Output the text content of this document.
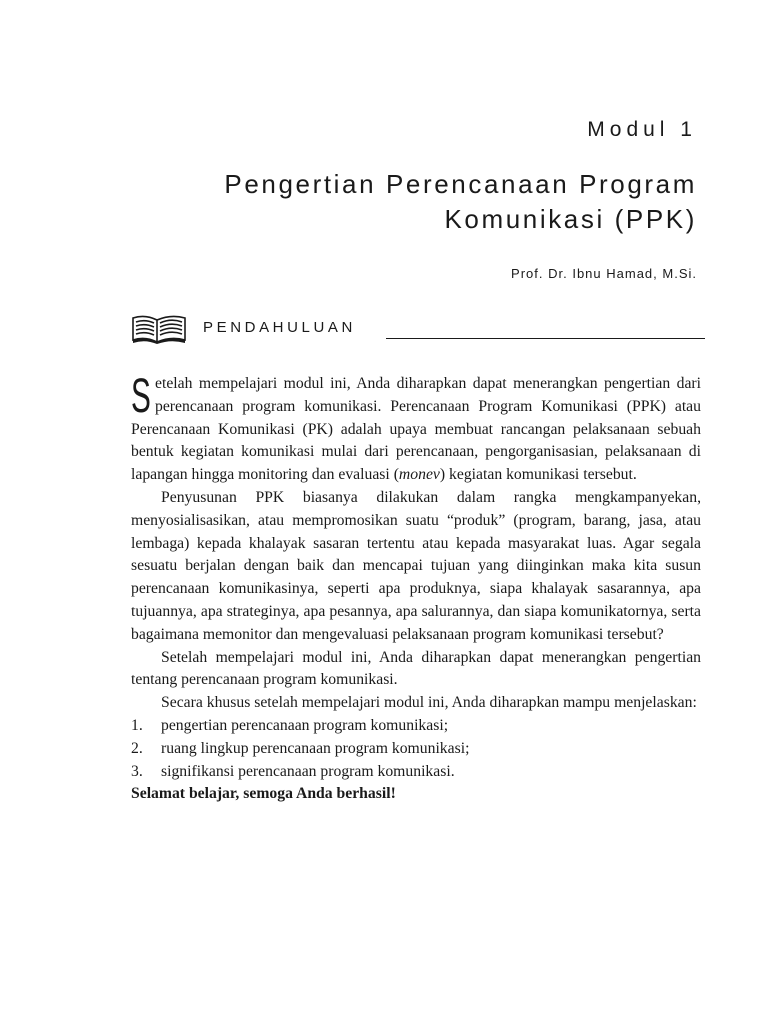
Modul 1
Pengertian Perencanaan Program
Komunikasi (PPK)

Prof. Dr. Ibnu Hamad, M.Si.

PENDAHULUAN

Setelah mempelajari modul ini, Anda diharapkan dapat menerangkan pengertian dari perencanaan program komunikasi. Perencanaan Program Komunikasi (PPK) atau Perencanaan Komunikasi (PK) adalah upaya membuat rancangan pelaksanaan sebuah bentuk kegiatan komunikasi mulai dari perencanaan, pengorganisasian, pelaksanaan di lapangan hingga monitoring dan evaluasi (monev) kegiatan komunikasi tersebut.

Penyusunan PPK biasanya dilakukan dalam rangka mengkampanyekan, menyosialisasikan, atau mempromosikan suatu “produk” (program, barang, jasa, atau lembaga) kepada khalayak sasaran tertentu atau kepada masyarakat luas. Agar segala sesuatu berjalan dengan baik dan mencapai tujuan yang diinginkan maka kita susun perencanaan komunikasinya, seperti apa produknya, siapa khalayak sasarannya, apa tujuannya, apa strateginya, apa pesannya, apa salurannya, dan siapa komunikatornya, serta bagaimana memonitor dan mengevaluasi pelaksanaan program komunikasi tersebut?

Setelah mempelajari modul ini, Anda diharapkan dapat menerangkan pengertian tentang perencanaan program komunikasi.

Secara khusus setelah mempelajari modul ini, Anda diharapkan mampu menjelaskan:

1.	pengertian perencanaan program komunikasi;
2.	ruang lingkup perencanaan program komunikasi;
3.	signifikansi perencanaan program komunikasi.

Selamat belajar, semoga Anda berhasil!
